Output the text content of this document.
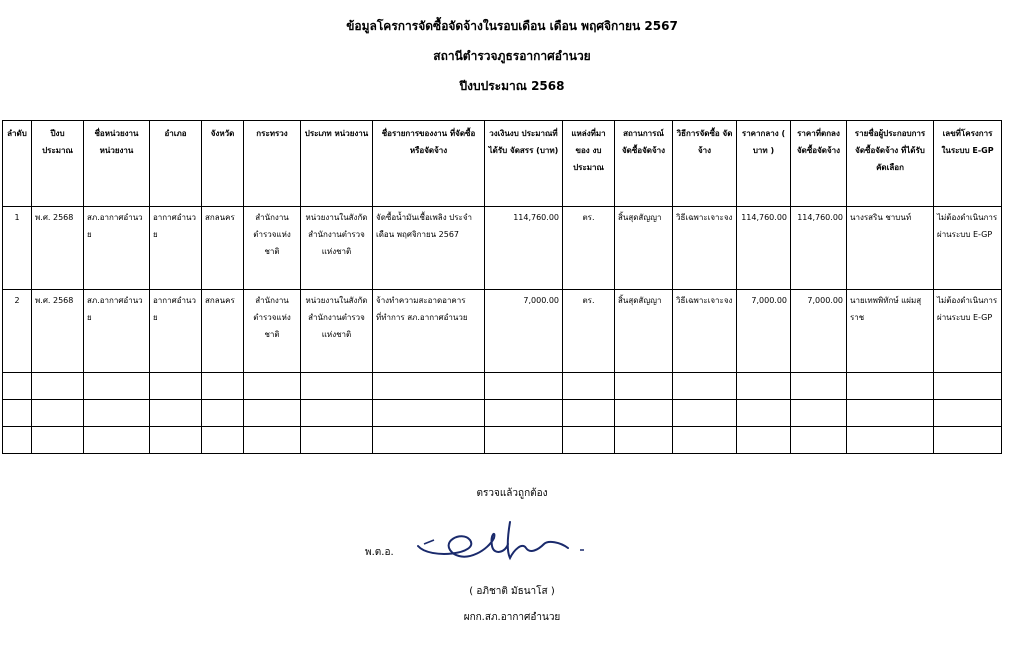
ข้อมูลโครการจัดซื้อจัดจ้างในรอบเดือน เดือน พฤศจิกายน 2567
สถานีตำรวจภูธรอากาศอำนวย
ปีงบประมาณ 2568
ลำดับ	ปีงบ ประมาณ	ชื่อหน่วยงาน หน่วยงาน	อำเภอ	จังหวัด	กระทรวง	ประเภท หน่วยงาน	ชื่อรายการของงาน ที่จัดซื้อหรือจัดจ้าง	วงเงินงบ ประมาณที่ได้รับ จัดสรร (บาท)	แหล่งที่มา ของ งบประมาณ	สถานการณ์ จัดซื้อจัดจ้าง	วิธีการจัดซื้อ จัดจ้าง	ราคากลาง ( บาท )	ราคาที่ตกลง จัดซื้อจัดจ้าง	รายชื่อผู้ประกอบการ จัดซื้อจัดจ้าง ที่ได้รับคัดเลือก	เลขที่โครงการ ในระบบ E-GP
1	พ.ศ. 2568	สภ.อากาศอำนวย	อากาศอำนวย	สกลนคร	สำนักงานตำรวจแห่งชาติ	หน่วยงานในสังกัด สำนักงานตำรวจแห่งชาติ	จัดซื้อน้ำมันเชื้อเพลิง ประจำเดือน พฤศจิกายน 2567	114,760.00	ตร.	สิ้นสุดสัญญา	วิธีเฉพาะเจาะจง	114,760.00	114,760.00	นางรสริน ชาบนท์	ไม่ต้องดำเนินการ ผ่านระบบ E-GP
2	พ.ศ. 2568	สภ.อากาศอำนวย	อากาศอำนวย	สกลนคร	สำนักงานตำรวจแห่งชาติ	หน่วยงานในสังกัด สำนักงานตำรวจแห่งชาติ	จ้างทำความสะอาดอาคารที่ทำการ สภ.อากาศอำนวย	7,000.00	ตร.	สิ้นสุดสัญญา	วิธีเฉพาะเจาะจง	7,000.00	7,000.00	นายเทพพิทักษ์ แผ่มสุราช	ไม่ต้องดำเนินการ ผ่านระบบ E-GP

ตรวจแล้วถูกต้อง
พ.ต.อ.
( อภิชาติ มัธนาโส )
ผกก.สภ.อากาศอำนวย
